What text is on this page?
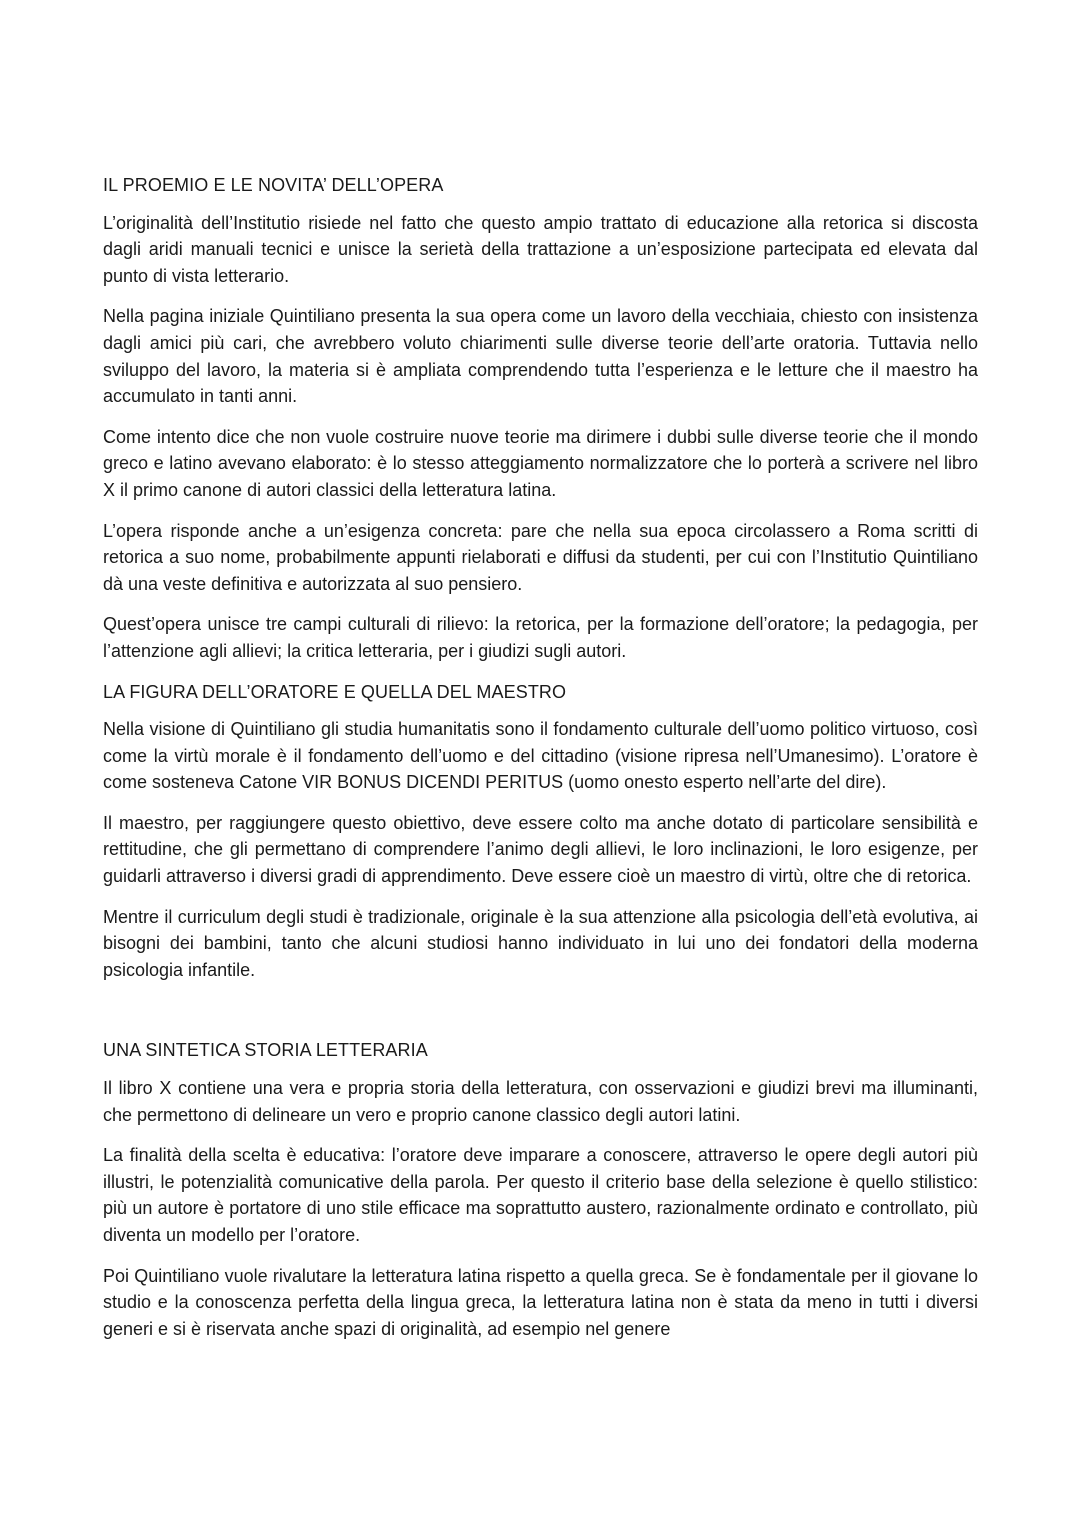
IL PROEMIO E LE NOVITA’ DELL’OPERA

L’originalità dell’Institutio risiede nel fatto che questo ampio trattato di educazione alla retorica si discosta dagli aridi manuali tecnici e unisce la serietà della trattazione a un’esposizione partecipata ed elevata dal punto di vista letterario.

Nella pagina iniziale Quintiliano presenta la sua opera come un lavoro della vecchiaia, chiesto con insistenza dagli amici più cari, che avrebbero voluto chiarimenti sulle diverse teorie dell’arte oratoria. Tuttavia nello sviluppo del lavoro, la materia si è ampliata comprendendo tutta l’esperienza e le letture che il maestro ha accumulato in tanti anni.

Come intento dice che non vuole costruire nuove teorie ma dirimere i dubbi sulle diverse teorie che il mondo greco e latino avevano elaborato: è lo stesso atteggiamento normalizzatore che lo porterà a scrivere nel libro X il primo canone di autori classici della letteratura latina.

L’opera risponde anche a un’esigenza concreta: pare che nella sua epoca circolassero a Roma scritti di retorica a suo nome, probabilmente appunti rielaborati e diffusi da studenti, per cui con l’Institutio Quintiliano dà una veste definitiva e autorizzata al suo pensiero.

Quest’opera unisce tre campi culturali di rilievo: la retorica, per la formazione dell’oratore; la pedagogia, per l’attenzione agli allievi; la critica letteraria, per i giudizi sugli autori.

LA FIGURA DELL’ORATORE E QUELLA DEL MAESTRO

Nella visione di Quintiliano gli studia humanitatis sono il fondamento culturale dell’uomo politico virtuoso, così come la virtù morale è il fondamento dell’uomo e del cittadino (visione ripresa nell’Umanesimo). L’oratore è come sosteneva Catone VIR BONUS DICENDI PERITUS (uomo onesto esperto nell’arte del dire).

Il maestro, per raggiungere questo obiettivo, deve essere colto ma anche dotato di particolare sensibilità e rettitudine, che gli permettano di comprendere l’animo degli allievi, le loro inclinazioni, le loro esigenze, per guidarli attraverso i diversi gradi di apprendimento. Deve essere cioè un maestro di virtù, oltre che di retorica.

Mentre il curriculum degli studi è tradizionale, originale è la sua attenzione alla psicologia dell’età evolutiva, ai bisogni dei bambini, tanto che alcuni studiosi hanno individuato in lui uno dei fondatori della moderna psicologia infantile.

UNA SINTETICA STORIA LETTERARIA

Il libro X contiene una vera e propria storia della letteratura, con osservazioni e giudizi brevi ma illuminanti, che permettono di delineare un vero e proprio canone classico degli autori latini.

La finalità della scelta è educativa: l’oratore deve imparare a conoscere, attraverso le opere degli autori più illustri, le potenzialità comunicative della parola. Per questo il criterio base della selezione è quello stilistico: più un autore è portatore di uno stile efficace ma soprattutto austero, razionalmente ordinato e controllato, più diventa un modello per l’oratore.

Poi Quintiliano vuole rivalutare la letteratura latina rispetto a quella greca. Se è fondamentale per il giovane lo studio e la conoscenza perfetta della lingua greca, la letteratura latina non è stata da meno in tutti i diversi generi e si è riservata anche spazi di originalità, ad esempio nel genere
